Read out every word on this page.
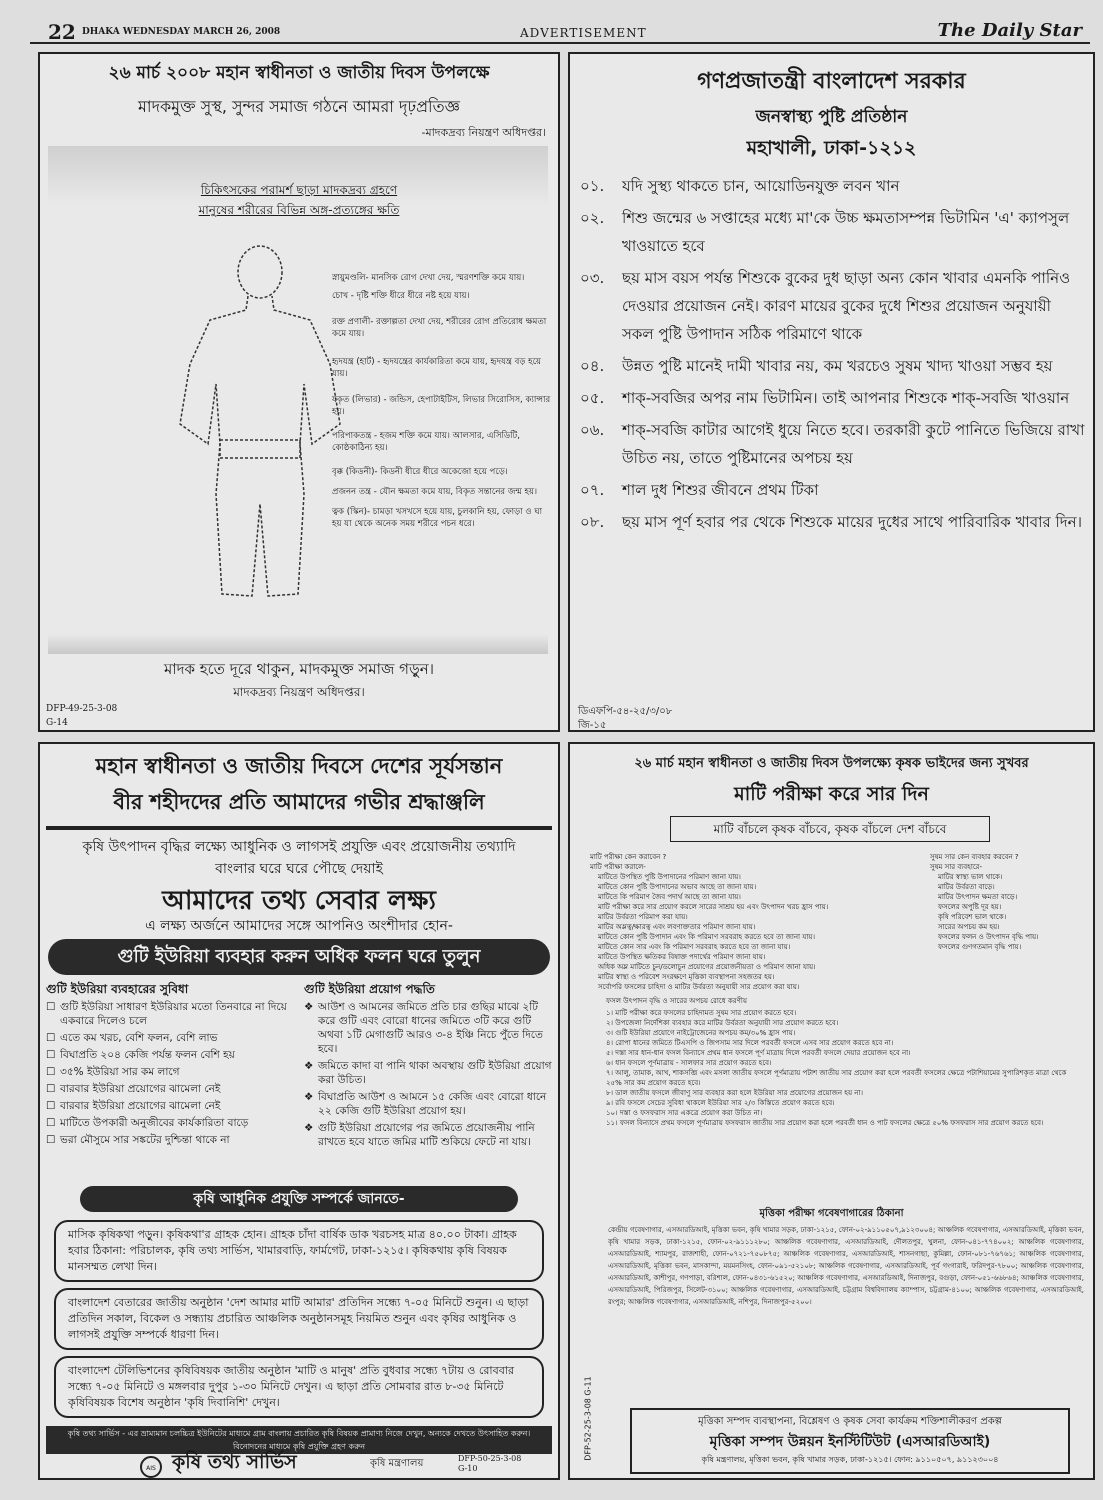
22 DHAKA WEDNESDAY MARCH 26, 2008	ADVERTISEMENT	The Daily Star
২৬ মার্চ ২০০৮ মহান স্বাধীনতা ও জাতীয় দিবস উপলক্ষে
মাদকমুক্ত সুস্থ, সুন্দর সমাজ গঠনে আমরা দৃঢ়প্রতিজ্ঞ
-মাদকদ্রব্য নিয়ন্ত্রণ অধিদপ্তর।
চিকিৎসকের পরামর্শ ছাড়া মাদকদ্রব্য গ্রহণে
মানুষের শরীরের বিভিন্ন অঙ্গ-প্রত্যঙ্গের ক্ষতি
স্নায়ুমণ্ডলি- মানসিক রোগ দেখা দেয়, স্মরণশক্তি কমে যায়।
চোখ - দৃষ্টি শক্তি ধীরে ধীরে নষ্ট হয়ে যায়।
রক্ত প্রণালী- রক্তাল্পতা দেখা দেয়, শরীরের রোগ প্রতিরোধ ক্ষমতা কমে যায়।
হৃদযন্ত্র (হার্ট) - হৃদযন্ত্রের কার্যকারিতা কমে যায়, হৃদযন্ত্র বড় হয়ে যায়।
যকৃত (লিভার) - জন্ডিস, হেপাটাইটিস, লিভার সিরোসিস, ক্যান্সার হয়।
পরিপাকতন্ত্র - হজম শক্তি কমে যায়। আলসার, এসিডিটি, কোষ্ঠকাঠিন্য হয়।
বৃক্ক (কিডনী)- কিডনী ধীরে ধীরে অকেজো হয়ে পড়ে।
প্রজনন তন্ত্র - যৌন ক্ষমতা কমে যায়, বিকৃত সন্তানের জন্ম হয়।
ত্বক (স্কিন)- চামড়া খসখসে হয়ে যায়, চুলকানি হয়, ফোড়া ও ঘা হয় যা থেকে অনেক সময় শরীরে পচন ধরে।
মাদক হতে দূরে থাকুন, মাদকমুক্ত সমাজ গড়ুন।
মাদকদ্রব্য নিয়ন্ত্রণ অধিদপ্তর।
DFP-49-25-3-08
G-14
গণপ্রজাতন্ত্রী বাংলাদেশ সরকার
জনস্বাস্থ্য পুষ্টি প্রতিষ্ঠান
মহাখালী, ঢাকা-১২১২
০১.	যদি সুস্থ্য থাকতে চান, আয়োডিনযুক্ত লবন খান
০২.	শিশু জন্মের ৬ সপ্তাহের মধ্যে মা'কে উচ্চ ক্ষমতাসম্পন্ন ভিটামিন 'এ' ক্যাপসুল খাওয়াতে হবে
০৩.	ছয় মাস বয়স পর্যন্ত শিশুকে বুকের দুধ ছাড়া অন্য কোন খাবার এমনকি পানিও দেওয়ার প্রয়োজন নেই। কারণ মায়ের বুকের দুধে শিশুর প্রয়োজন অনুযায়ী সকল পুষ্টি উপাদান সঠিক পরিমাণে থাকে
০৪.	উন্নত পুষ্টি মানেই দামী খাবার নয়, কম খরচেও সুষম খাদ্য খাওয়া সম্ভব হয়
০৫.	শাক্-সবজির অপর নাম ভিটামিন। তাই আপনার শিশুকে শাক্-সবজি খাওয়ান
০৬.	শাক্-সবজি কাটার আগেই ধুয়ে নিতে হবে। তরকারী কুটে পানিতে ভিজিয়ে রাখা উচিত নয়, তাতে পুষ্টিমানের অপচয় হয়
০৭.	শাল দুধ শিশুর জীবনে প্রথম টিকা
০৮.	ছয় মাস পূর্ণ হবার পর থেকে শিশুকে মায়ের দুধের সাথে পারিবারিক খাবার দিন।
ডিএফপি-৫৪-২৫/৩/০৮
জি-১৫
মহান স্বাধীনতা ও জাতীয় দিবসে দেশের সূর্যসন্তান
বীর শহীদদের প্রতি আমাদের গভীর শ্রদ্ধাঞ্জলি
কৃষি উৎপাদন বৃদ্ধির লক্ষ্যে আধুনিক ও লাগসই প্রযুক্তি এবং প্রয়োজনীয় তথ্যাদি বাংলার ঘরে ঘরে পৌছে দেয়াই
আমাদের তথ্য সেবার লক্ষ্য
এ লক্ষ্য অর্জনে আমাদের সঙ্গে আপনিও অংশীদার হোন-
গুটি ইউরিয়া ব্যবহার করুন অধিক ফলন ঘরে তুলুন
গুটি ইউরিয়া ব্যবহারের সুবিধা
☐ গুটি ইউরিয়া সাধারণ ইউরিয়ার মতো তিনবারে না দিয়ে একবারে দিলেও চলে
☐ এতে কম খরচ, বেশি ফলন, বেশি লাভ
☐ বিঘাপ্রতি ২০৪ কেজি পর্যন্ত ফলন বেশি হয়
☐ ৩৫% ইউরিয়া সার কম লাগে
☐ বারবার ইউরিয়া প্রয়োগের ঝামেলা নেই
☐ বারবার ইউরিয়া প্রয়োগের ঝামেলা নেই
☐ মাটিতে উপকারী অনুজীবের কার্যকারিতা বাড়ে
☐ ভরা মৌসুমে সার সঙ্কটের দুশ্চিন্তা থাকে না
গুটি ইউরিয়া প্রয়োগ পদ্ধতি
❖ আউশ ও আমনের জমিতে প্রতি চার গুছির মাঝে ২টি করে গুটি এবং বোরো ধানের জমিতে ৩টি করে গুটি অথবা ১টি মেগাগুটি আরও ৩-৪ ইঞ্চি নিচে পুঁতে দিতে হবে।
❖ জমিতে কাদা বা পানি থাকা অবস্থায় গুটি ইউরিয়া প্রয়োগ করা উচিত।
❖ বিঘাপ্রতি আউশ ও আমনে ১৫ কেজি এবং বোরো ধানে ২২ কেজি গুটি ইউরিয়া প্রয়োগ হয়।
❖ গুটি ইউরিয়া প্রয়োগের পর জমিতে প্রয়োজনীয় পানি রাখতে হবে যাতে জমির মাটি শুকিয়ে ফেটে না যায়।
কৃষি আধুনিক প্রযুক্তি সম্পর্কে জানতে-
মাসিক কৃষিকথা পড়ুন। কৃষিকথা'র গ্রাহক হোন। গ্রাহক চাঁদা বার্ষিক ডাক খরচসহ মাত্র ৪০.০০ টাকা। গ্রাহক হবার ঠিকানা: পরিচালক, কৃষি তথ্য সার্ভিস, খামারবাড়ি, ফার্মগেট, ঢাকা-১২১৫। কৃষিকথায় কৃষি বিষয়ক মানসম্মত লেখা দিন।
বাংলাদেশ বেতারের জাতীয় অনুষ্ঠান 'দেশ আমার মাটি আমার' প্রতিদিন সন্ধ্যে ৭-০৫ মিনিটে শুনুন। এ ছাড়া প্রতিদিন সকাল, বিকেল ও সন্ধ্যায় প্রচারিত আঞ্চলিক অনুষ্ঠানসমূহ নিয়মিত শুনুন এবং কৃষির আধুনিক ও লাগসই প্রযুক্তি সম্পর্কে ধারণা দিন।
বাংলাদেশ টেলিভিশনের কৃষিবিষয়ক জাতীয় অনুষ্ঠান 'মাটি ও মানুষ' প্রতি বুধবার সন্ধ্যে ৭টায় ও রোববার সন্ধ্যে ৭-০৫ মিনিটে ও মঙ্গলবার দুপুর ১-৩০ মিনিটে দেখুন। এ ছাড়া প্রতি সোমবার রাত ৮-৩৫ মিনিটে কৃষিবিষয়ক বিশেষ অনুষ্ঠান 'কৃষি দিবানিশি' দেখুন।
কৃষি তথ্য সার্ভিস - এর ভ্রাম্যমান চলচ্চিত্র ইউনিটের মাধ্যমে গ্রাম বাংলায় প্রচারিত কৃষি বিষয়ক প্রামাণ্য নিজে দেখুন, অন্যকে দেখতে উৎসাহিত করুন। বিনোদনের মাধ্যমে কৃষি প্রযুক্তি গ্রহণ করুন
AIS কৃষি তথ্য সার্ভিস	কৃষি মন্ত্রণালয়	DFP-50-25-3-08
G-10
২৬ মার্চ মহান স্বাধীনতা ও জাতীয় দিবস উপলক্ষ্যে কৃষক ভাইদের জন্য সুখবর
মাটি পরীক্ষা করে সার দিন
মাটি বাঁচলে কৃষক বাঁচবে, কৃষক বাঁচলে দেশ বাঁচবে
মাটি পরীক্ষা কেন করাবেন ?
মাটি পরীক্ষা করালে-
মাটিতে উপস্থিত পুষ্টি উপাদানের পরিমাণ জানা যায়।
মাটিতে কোন পুষ্টি উপাদানের অভাব আছে তা জানা যায়।
মাটিতে কি পরিমাণ জৈব পদার্থ আছে তা জানা যায়।
মাটি পরীক্ষা করে সার প্রয়োগ করলে সারের সাশ্রয় হয় এবং উৎপাদন খরচ হ্রাস পায়।
মাটির উর্বরতা পরিমাপ করা যায়।
মাটির অম্লত্ব/ক্ষারত্ব এবং লবণাক্ততার পরিমাণ জানা যায়।
মাটিতে কোন পুষ্টি উপাদান এবং কি পরিমাণ সরবরাহ করতে হবে তা জানা যায়।
মাটিতে কোন সার এবং কি পরিমাণ সরবরাহ করতে হবে তা জানা যায়।
মাটিতে উপস্থিত ক্ষতিকর বিষাক্ত পদার্থের পরিমাণ জানা যায়।
অধিক অম্ল মাটিতে চুন/ডলোচুন প্রয়োগের প্রয়োজনীয়তা ও পরিমাণ জানা যায়।
মাটির স্বাস্থ্য ও পরিবেশ সংরক্ষণে মৃত্তিকা ব্যবস্থাপনা সহজতর হয়।
সর্বোপরি ফসলের চাহিদা ও মাটির উর্বরতা অনুযায়ী সার প্রয়োগ করা যায়।
সুষম সার কেন ব্যবহার করবেন ?
সুষম সার ব্যবহারে-
মাটির স্বাস্থ্য ভাল থাকে।
মাটির উর্বরতা বাড়ে।
মাটির উৎপাদন ক্ষমতা বাড়ে।
ফসলের অপুষ্টি দূর হয়।
কৃষি পরিবেশ ভাল থাকে।
সারের অপচয় কম হয়।
ফসলের ফলন ও উৎপাদন বৃদ্ধি পায়।
ফসলের গুণগতমান বৃদ্ধি পায়।
ফসল উৎপাদন বৃদ্ধি ও সারের অপচয় রোধে করণীয়
১। মাটি পরীক্ষা করে ফসলের চাহিদামত সুষম সার প্রয়োগ করতে হবে।
২। উপজেলা নির্দেশিকা ব্যবহার করে মাটির উর্বরতা অনুযায়ী সার প্রয়োগ করতে হবে।
৩। গুটি ইউরিয়া প্রয়োগে নাইট্রোজেনের অপচয় কম/৩০% হ্রাস পায়।
৪। রোপা ধানের জমিতে টিএসপি ও জিপসাম সার দিলে পরবর্তী ফসলে এসব সার প্রয়োগ করতে হবে না।
৫। দস্তা সার ধান-ধান ফসল বিন্যাসে প্রথম ধান ফসলে পূর্ণ মাত্রায় দিলে পরবর্তী ফসলে দেয়ার প্রয়োজন হবে না।
৬। ধান ফসলে পূর্ণমাত্রায় - সালফার সার প্রয়োগ করতে হবে।
৭। আলু, তামাক, আখ, শাকসব্জি এবং মসলা জাতীয় ফসলে পূর্ণমাত্রায় পটাশ জাতীয় সার প্রয়োগ করা হলে পরবর্তী ফসলের ক্ষেত্রে পটাশিয়ামের সুপারিশকৃত মাত্রা থেকে ২৫% সার কম প্রয়োগ করতে হবে।
৮। ডাল জাতীয় ফসলে জীবাণু সার ব্যবহার করা হলে ইউরিয়া সার প্রয়োগের প্রয়োজন হয় না।
৯। রবি ফসলে সেচের সুবিধা থাকলে ইউরিয়া সার ২/৩ কিস্তিতে প্রয়োগ করতে হবে।
১০। দস্তা ও ফসফরাস সার একত্রে প্রয়োগ করা উচিত না।
১১। ফসল বিন্যাসে প্রথম ফসলে পূর্ণমাত্রায় ফসফরাস জাতীয় সার প্রয়োগ করা হলে পরবর্তী ধান ও পাট ফসলের ক্ষেত্রে ৫০% ফসফরাস সার প্রয়োগ করতে হবে।
মৃত্তিকা পরীক্ষা গবেষণাগারের ঠিকানা
কেন্দ্রীয় গবেষণাগার, এসআরডিআই, মৃত্তিকা ভবন, কৃষি খামার সড়ক, ঢাকা-১২১৫, ফোন-০২-৯১১০৫০৭,৯১২৩০০৪; আঞ্চলিক গবেষণাগার, এসআরডিআই, মৃত্তিকা ভবন, কৃষি খামার সড়ক, ঢাকা-১২১৫, ফোন-০২-৯১১১২৮০; আঞ্চলিক গবেষণাগার, এসআরডিআই, দৌলতপুর, খুলনা, ফোন-০৪১-৭৭৪০০২; আঞ্চলিক গবেষণাগার, এসআরডিআই, শ্যামপুর, রাজশাহী, ফোন-০৭২১-৭৫০৮৭৫; আঞ্চলিক গবেষণাগার, এসআরডিআই, শাসনগাছা, কুমিল্লা, ফোন-০৮১-৭৬৭৬১; আঞ্চলিক গবেষণাগার, এসআরডিআই, মৃত্তিকা ভবন, মাসকান্দা, ময়মনসিংহ, ফোন-০৯১-৫২১০৮; আঞ্চলিক গবেষণাগার, এসআরডিআই, পূর্ব গংগারাই, ফরিদপুর-৭৮০০; আঞ্চলিক গবেষণাগার, এসআরডিআই, কাশীপুর, গণপাড়া, বরিশাল, ফোন-০৪৩১-৬১৫২০; আঞ্চলিক গবেষণাগার, এসআরডিআই, দিনাজপুর, বগুড়া, ফোন-০৫১-৬৬৮৬৪; আঞ্চলিক গবেষণাগার, এসআরডিআই, পিরিজপুর, সিলেট-৩১০০; আঞ্চলিক গবেষণাগার, এসআরডিআই, চট্টগ্রাম বিশ্ববিদ্যালয় ক্যাম্পাস, চট্টগ্রাম-৪১০০; আঞ্চলিক গবেষণাগার, এসআরডিআই, রংপুর; আঞ্চলিক গবেষণাগার, এসআরডিআই, নশিপুর, দিনাজপুর-৫২০০।
DFP-52-25-3-08 G-11	মৃত্তিকা সম্পদ ব্যবস্থাপনা, বিশ্লেষণ ও কৃষক সেবা কার্যক্রম শক্তিশালীকরণ প্রকল্প
মৃত্তিকা সম্পদ উন্নয়ন ইনস্টিটিউট (এসআরডিআই)
কৃষি মন্ত্রণালয়, মৃত্তিকা ভবন, কৃষি খামার সড়ক, ঢাকা-১২১৫। ফোন: ৯১১০৫০৭, ৯১১২৩০০৪
